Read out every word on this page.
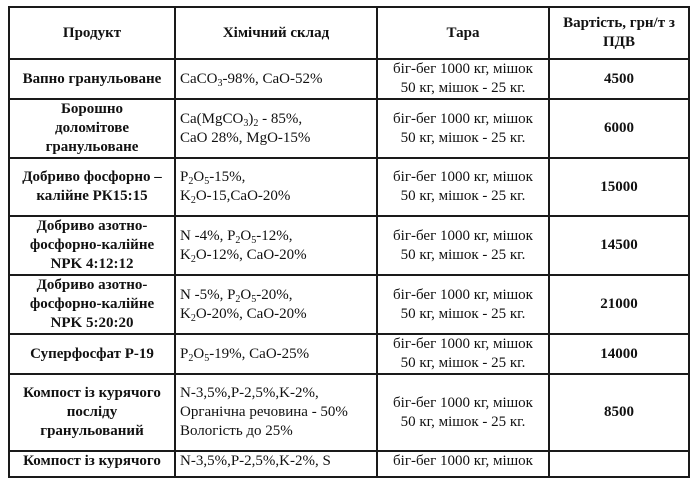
Продукт	Хімічний склад	Тара	Вартість, грн/т з ПДВ

Вапно гранульоване	CaCO$_3$-98%, CaO-52%	біг-бег 1000 кг, мішок
50 кг, мішок - 25 кг.	4500

Борошно
доломітове
гранульоване	$Ca(MgCO_3)_2 - 85\%$,
CaO 28%, MgO-15%	біг-бег 1000 кг, мішок
50 кг, мішок - 25 кг.	6000

Добриво фосфорно –
калійне РК15:15	$P_2O_5-15\%$,
$K_2O-15,CaO-20\%$	біг-бег 1000 кг, мішок
50 кг, мішок - 25 кг.	15000

Добриво азотно-
фосфорно-калійне
NPK 4:12:12	N -4%, $P_2O_5-12\%$,
$K_2O-12\%$, CaO-20%	біг-бег 1000 кг, мішок
50 кг, мішок - 25 кг.	14500

Добриво азотно-
фосфорно-калійне
NPK 5:20:20	N -5%, $P_2O_5-20\%$,
$K_2O-20\%$, CaO-20%	біг-бег 1000 кг, мішок
50 кг, мішок - 25 кг.	21000

Суперфосфат Р-19	$P_2O_5-19\%$, CaO-25%	біг-бег 1000 кг, мішок
50 кг, мішок - 25 кг.	14000

Компост із курячого
посліду
гранульований	N-3,5%,P-2,5%,K-2%,
Органічна речовина - 50%
Вологість до 25%	біг-бег 1000 кг, мішок
50 кг, мішок - 25 кг.	8500

Компост із курячого	N-3,5%,P-2,5%,K-2%, S	біг-бег 1000 кг, мішок	
